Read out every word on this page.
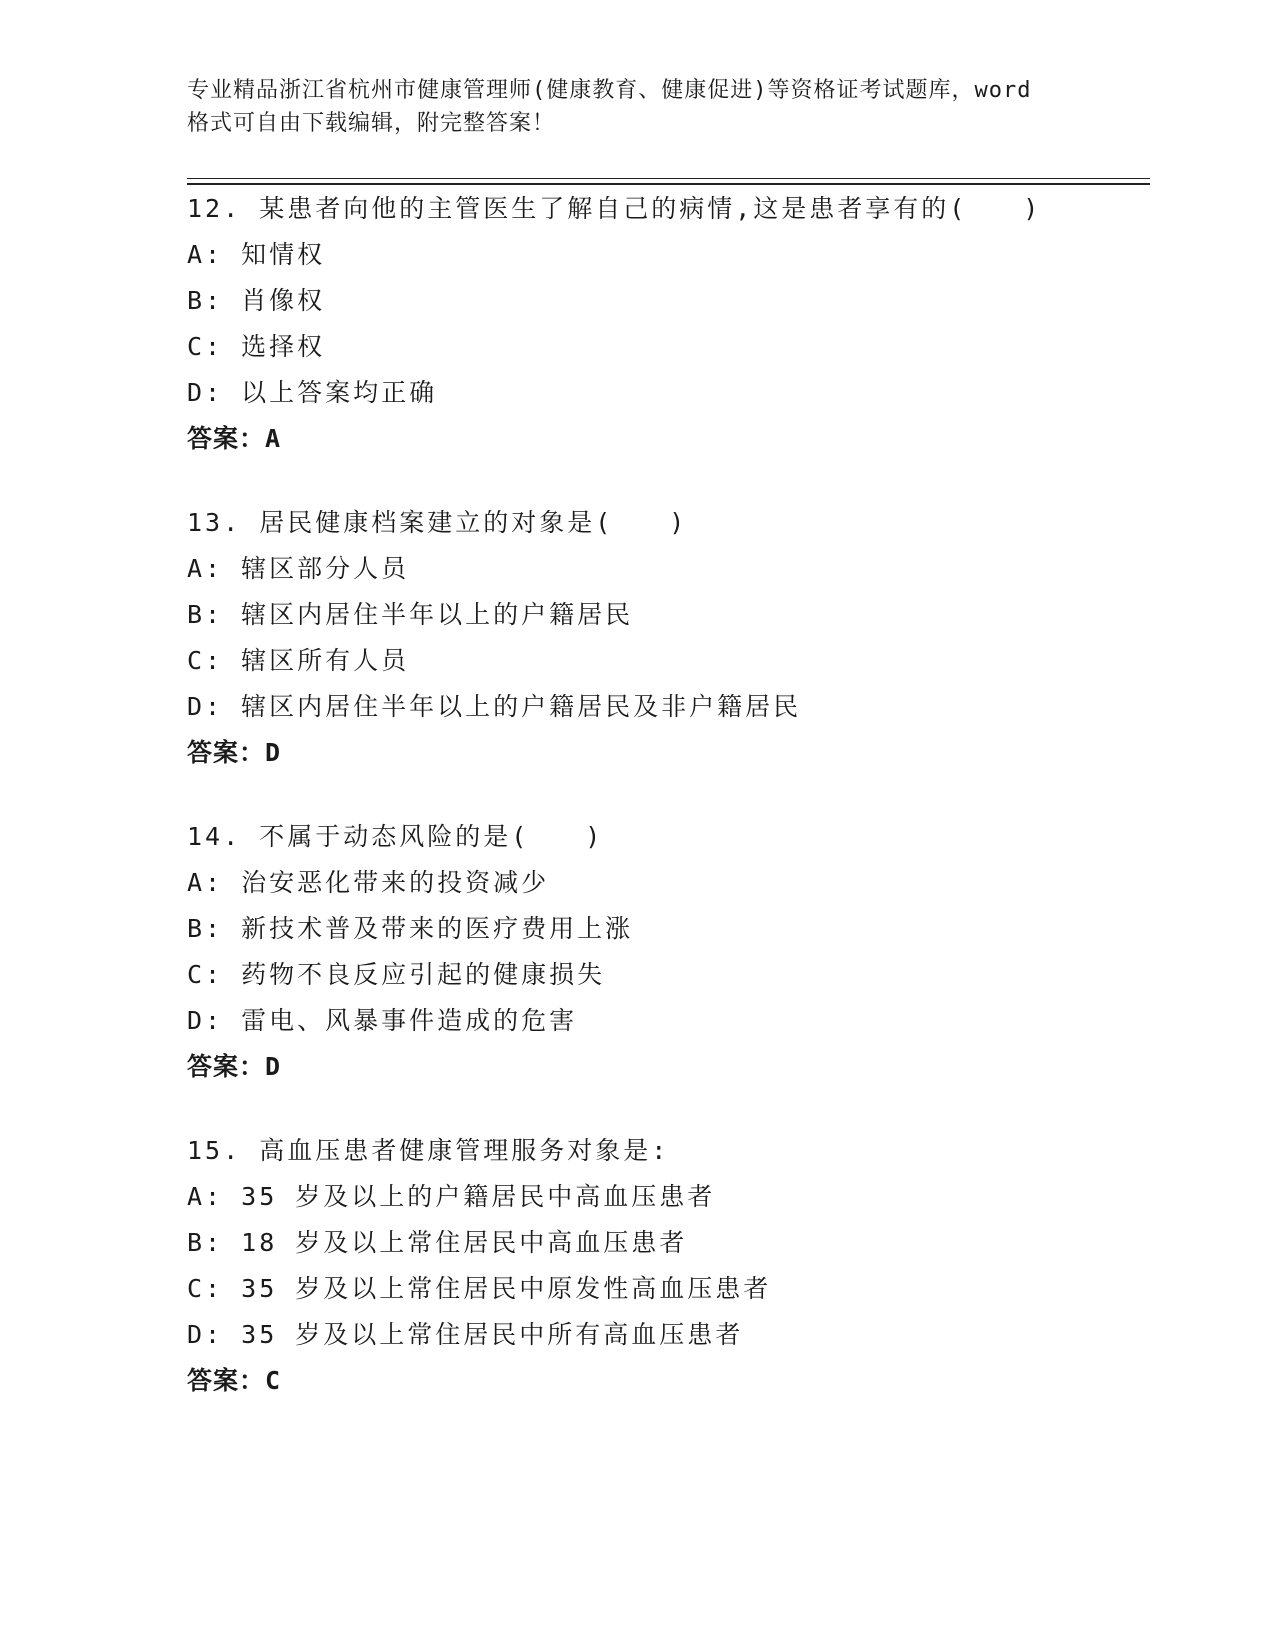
专业精品浙江省杭州市健康管理师(健康教育、健康促进)等资格证考试题库，word
格式可自由下载编辑，附完整答案！
12. 某患者向他的主管医生了解自己的病情,这是患者享有的(　　)
A: 知情权
B: 肖像权
C: 选择权
D: 以上答案均正确
答案：A
13. 居民健康档案建立的对象是(　　)
A: 辖区部分人员
B: 辖区内居住半年以上的户籍居民
C: 辖区所有人员
D: 辖区内居住半年以上的户籍居民及非户籍居民
答案：D
14. 不属于动态风险的是(　　)
A: 治安恶化带来的投资减少
B: 新技术普及带来的医疗费用上涨
C: 药物不良反应引起的健康损失
D: 雷电、风暴事件造成的危害
答案：D
15. 高血压患者健康管理服务对象是:
A: 35 岁及以上的户籍居民中高血压患者
B: 18 岁及以上常住居民中高血压患者
C: 35 岁及以上常住居民中原发性高血压患者
D: 35 岁及以上常住居民中所有高血压患者
答案：C
